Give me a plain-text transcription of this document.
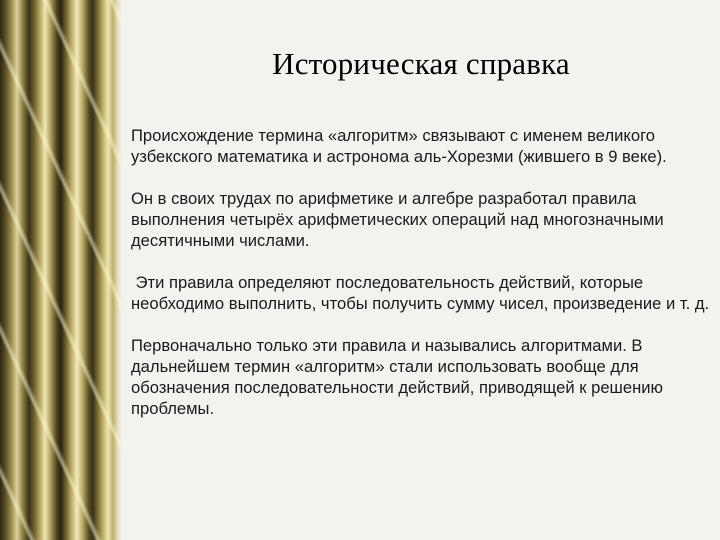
Историческая справка

Происхождение термина «алгоритм» связывают с именем великого узбекского математика и астронома аль-Хорезми (жившего в 9 веке).

Он в своих трудах по арифметике и алгебре разработал правила выполнения четырёх арифметических операций над многозначными десятичными числами.

Эти правила определяют последовательность действий, которые необходимо выполнить, чтобы получить сумму чисел, произведение и т. д.

Первоначально только эти правила и назывались алгоритмами. В дальнейшем термин «алгоритм» стали использовать вообще для обозначения последовательности действий, приводящей к решению проблемы.
